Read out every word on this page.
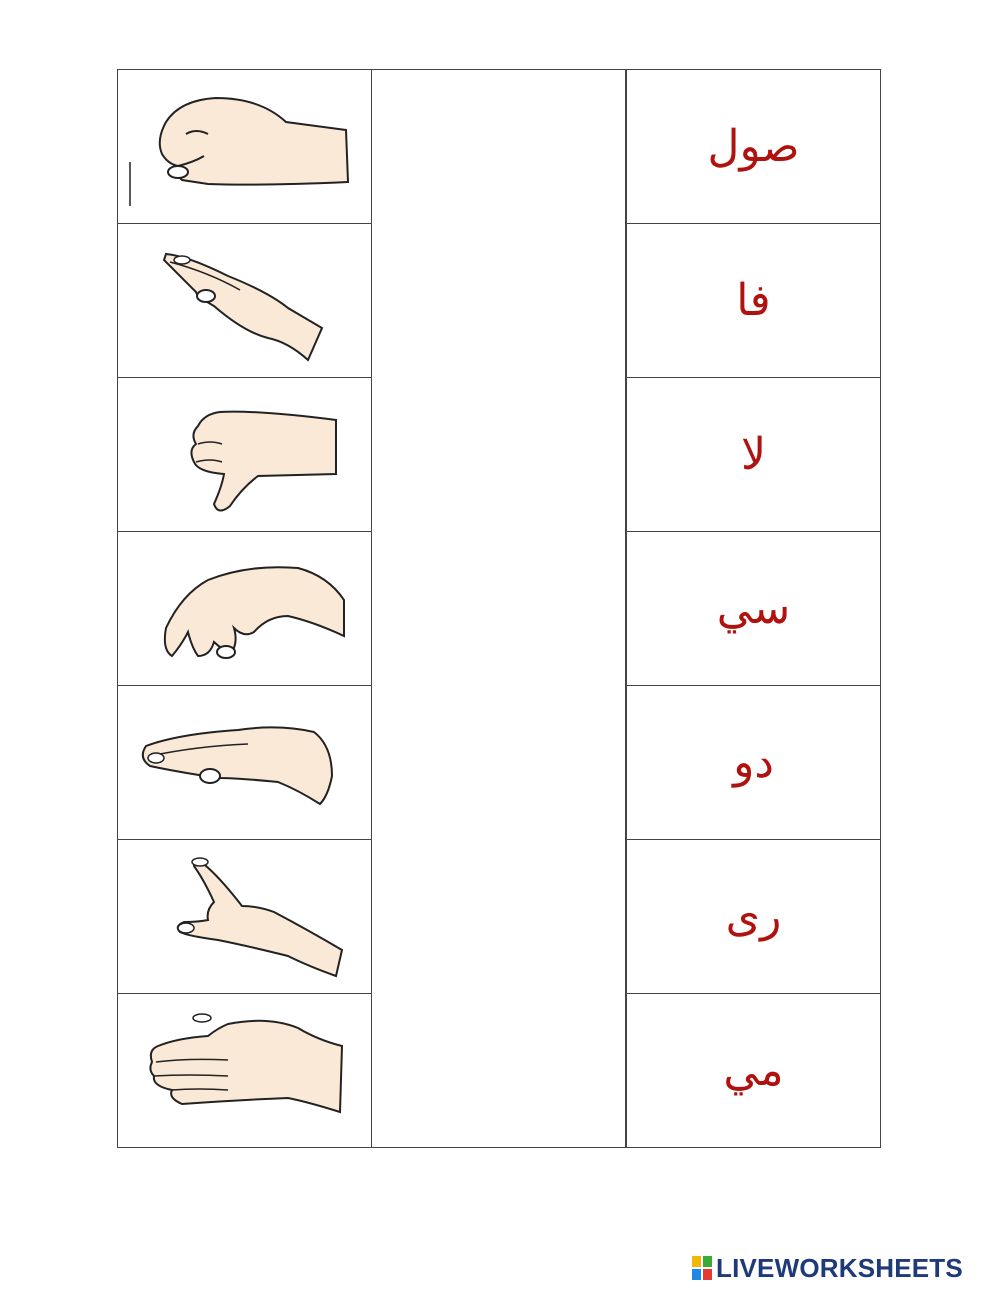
صول
فا
لا
سي
دو
رى
مي
LIVEWORKSHEETS
